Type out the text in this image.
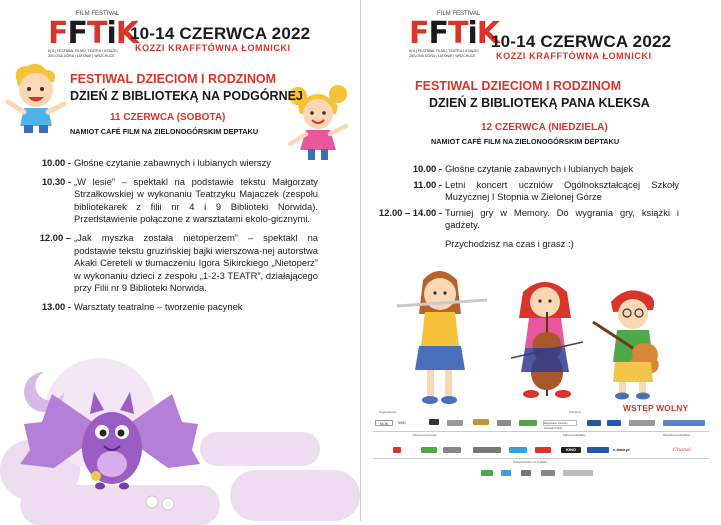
FILM FESTIVAL
FFTiK
8(11) FESTIWAL FILMU, TEATRU I KSIĄŻKI
ZIELONA GÓRA | ŁATONIE | WRZCHUCE
10-14 CZERWCA 2022
KOZZI KRAFFTÓWNA ŁOMNICKI
FESTIWAL DZIECIOM I RODZINOM
DZIEŃ Z BIBLIOTEKĄ NA PODGÓRNEJ
11 CZERWCA (SOBOTA)
NAMIOT CAFÉ FILM NA ZIELONOGÓRSKIM DEPTAKU
10.00 - Głośne czytanie zabawnych i lubianych wierszy
10.30 - „W lesie” – spektakl na podstawie tekstu Małgorzaty Strzałkowskiej w wykonaniu Teatrzyku Majaczek (zespołu bibliotekarek z filii nr 4 i 9 Biblioteki Norwida). Przedstawienie połączone z warsztatami ekolo-gicznymi.
12.00 – „Jak myszka została nietoperzem” – spektakl na podstawie tekstu gruzińskiej bajki wierszowa-nej autorstwa Akaki Cereteli w tłumaczeniu Igora Sikirckiego „Nietoperz” w wykonaniu dzieci z zespołu „1-2-3 TEATR”, działającego przy Filii nr 9 Biblioteki Norwida.
13.00 - Warsztaty teatralne – tworzenie pacynek
FILM FESTIVAL
FFTiK
8(11) FESTIWAL FILMU, TEATRU I KSIĄŻKI
ZIELONA GÓRA | ŁATONIE | WRZCHUCE
10-14 CZERWCA 2022
KOZZI KRAFFTÓWNA ŁOMNICKI
FESTIWAL DZIECIOM I RODZINOM
DZIEŃ Z BIBLIOTEKĄ PANA KLEKSA
12 CZERWCA (NIEDZIELA)
NAMIOT CAFÉ FILM NA ZIELONOGÓRSKIM DEPTAKU
10.00 - Głośne czytanie zabawnych i lubianych bajek
11.00 - Letni koncert uczniów Ogólnokształcącej Szkoły Muzycznej I Stopnia w Zielonej Górze
12.00 – 14.00 - Turniej gry w Memory. Do wygrania gry, książki i gadżety.
Przychodzisz na czas i grasz :)
WSTĘP WOLNY
Organizatorzy	Partnerzy
NOK	WiD	Regionalne Centrum Animacji Kultury
Patronat Honorowy	Patronat Medialny	Współpraca Medialna
KINO	e-teatr.pl	Chanel
Dofinansowano ze środków
